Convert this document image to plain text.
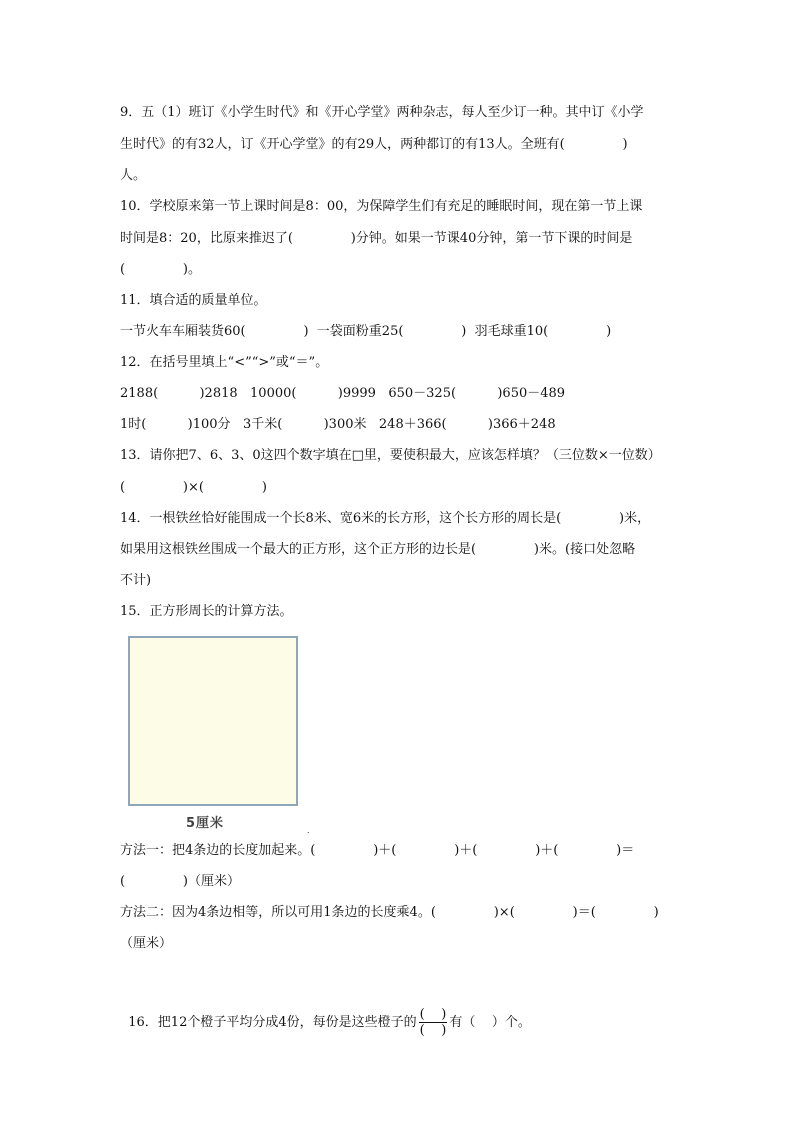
9．五（1）班订《小学生时代》和《开心学堂》两种杂志，每人至少订一种。其中订《小学
生时代》的有32人，订《开心学堂》的有29人，两种都订的有13人。全班有(              )
人。
10．学校原来第一节上课时间是8：00，为保障学生们有充足的睡眠时间，现在第一节上课
时间是8：20，比原来推迟了(              )分钟。如果一节课40分钟，第一节下课的时间是
(              )。
11．填合适的质量单位。
一节火车车厢装货60(              )  一袋面粉重25(              )  羽毛球重10(              )
12．在括号里填上“<”“>”或“＝”。
2188(          )2818   10000(          )9999   650－325(          )650－489
1时(          )100分   3千米(          )300米   248＋366(          )366＋248
13．请你把7、6、3、0这四个数字填在□里，要使积最大，应该怎样填？（三位数×一位数）
(              )×(              )
14．一根铁丝恰好能围成一个长8米、宽6米的长方形，这个长方形的周长是(              )米，
如果用这根铁丝围成一个最大的正方形，这个正方形的边长是(              )米。(接口处忽略
不计)
15．正方形周长的计算方法。
5厘米	.
方法一：把4条边的长度加起来。(              )＋(              )＋(              )＋(              )＝
(              )（厘米）
方法二：因为4条边相等，所以可用1条边的长度乘4。(              )×(              )＝(              )
（厘米）

16．把12个橙子平均分成4份，每份是这些橙子的 $\frac{( )}{( )}$ 有（    ）个。
